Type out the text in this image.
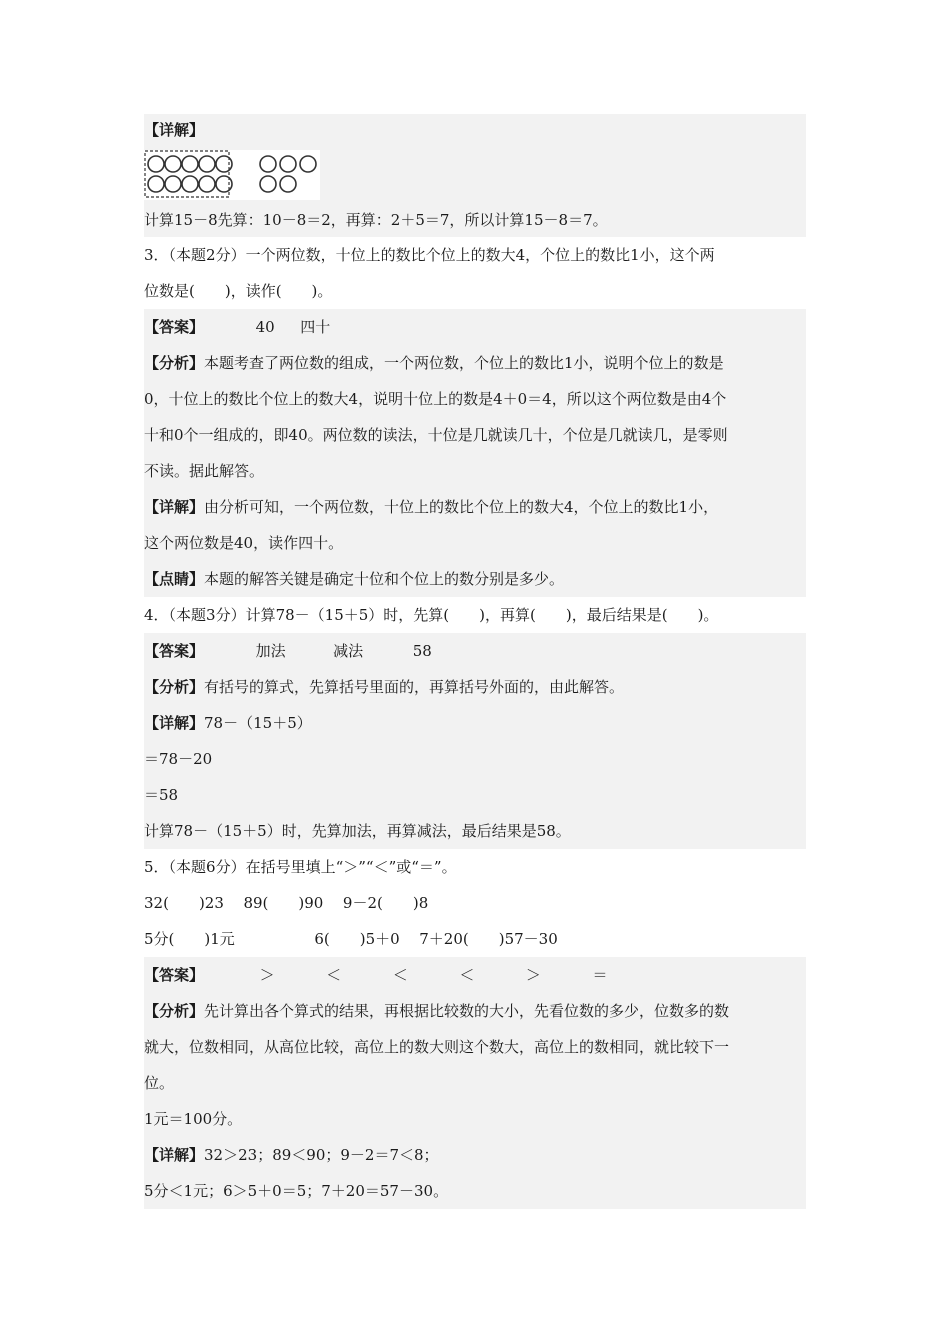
【详解】
计算15－8先算：10－8＝2，再算：2＋5＝7，所以计算15－8＝7。
3．（本题2分）一个两位数，十位上的数比个位上的数大4，个位上的数比1小，这个两
位数是(　　)，读作(　　)。
【答案】	40 四十
【分析】本题考查了两位数的组成，一个两位数，个位上的数比1小，说明个位上的数是
0，十位上的数比个位上的数大4，说明十位上的数是4＋0＝4，所以这个两位数是由4个
十和0个一组成的，即40。两位数的读法，十位是几就读几十，个位是几就读几，是零则
不读。据此解答。
【详解】由分析可知，一个两位数，十位上的数比个位上的数大4，个位上的数比1小，
这个两位数是40，读作四十。
【点睛】本题的解答关键是确定十位和个位上的数分别是多少。
4．（本题3分）计算78－（15＋5）时，先算(　　)，再算(　　)，最后结果是(　　)。
【答案】	加法	减法	58
【分析】有括号的算式，先算括号里面的，再算括号外面的，由此解答。
【详解】78－（15＋5）
＝78－20
＝58
计算78－（15＋5）时，先算加法，再算减法，最后结果是58。
5．（本题6分）在括号里填上“＞”“＜”或“＝”。
32(　　)23 89(　　)90 9－2(　　)8
5分(　　)1元	6(　　)5＋0 7＋20(　　)57－30
【答案】	＞	＜	＜	＜	＞	＝
【分析】先计算出各个算式的结果，再根据比较数的大小，先看位数的多少，位数多的数
就大，位数相同，从高位比较，高位上的数大则这个数大，高位上的数相同，就比较下一
位。
1元＝100分。
【详解】32＞23；89＜90；9－2＝7＜8；
5分＜1元；6＞5＋0＝5；7＋20＝57－30。
